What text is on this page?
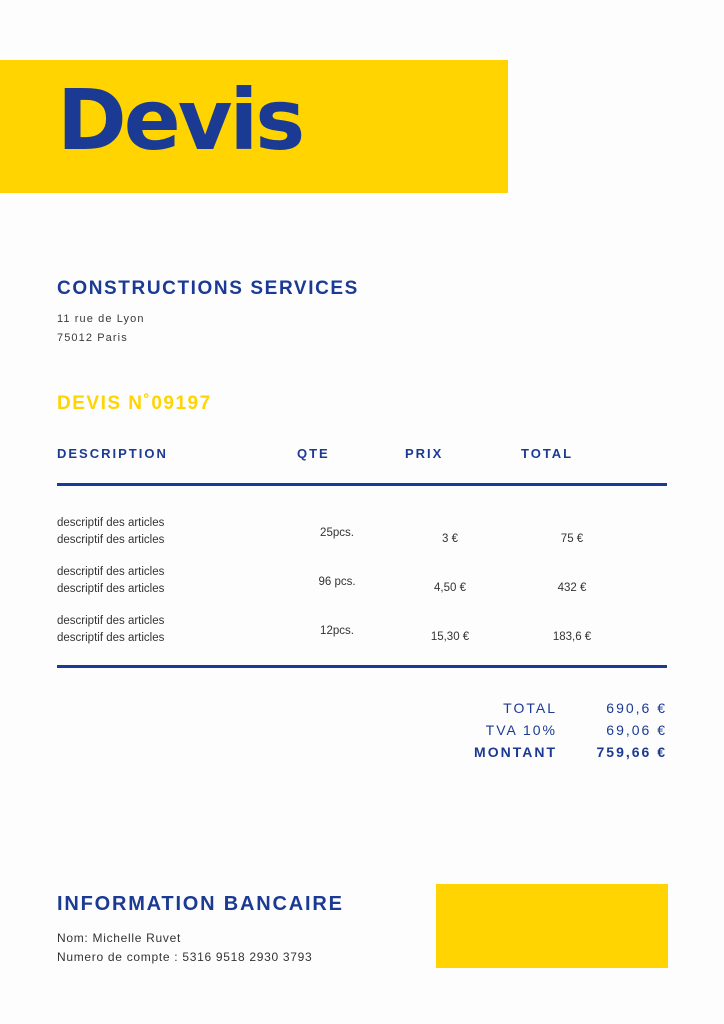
Devis
CONSTRUCTIONS SERVICES
11 rue de Lyon
75012 Paris
DEVIS N˚09197
DESCRIPTION	QTE	PRIX	TOTAL
descriptif des articles
descriptif des articles
25pcs.	3 €	75 €
descriptif des articles
descriptif des articles
96 pcs.	4,50 €	432 €
descriptif des articles
descriptif des articles
12pcs.	15,30 €	183,6 €
TOTAL	690,6 €
TVA 10%	69,06 €
MONTANT	759,66 €
INFORMATION BANCAIRE
Nom: Michelle Ruvet
Numero de compte : 5316 9518 2930 3793
